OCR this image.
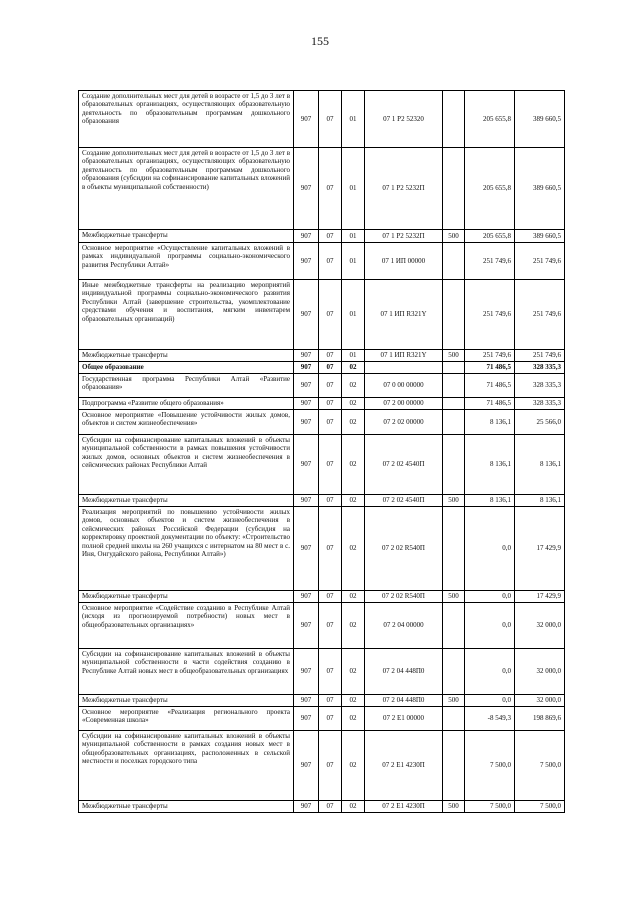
155
Создание дополнительных мест для детей в возрасте от 1,5 до 3 лет в образовательных организациях, осуществляющих образовательную деятельность по образовательным программам дошкольного образования	907	07	01	07 1 P2 52320		205 655,8	389 660,5
Создание дополнительных мест для детей в возрасте от 1,5 до 3 лет в образовательных организациях, осуществляющих образовательную деятельность по образовательным программам дошкольного образования (субсидии на софинансирование капитальных вложений в объекты муниципальной собственности)	907	07	01	07 1 P2 5232П		205 655,8	389 660,5
Межбюджетные трансферты	907	07	01	07 1 P2 5232П	500	205 655,8	389 660,5
Основное мероприятие «Осуществление капитальных вложений в рамках индивидуальной программы социально-экономического развития Республики Алтай»	907	07	01	07 1 ИП 00000		251 749,6	251 749,6
Иные межбюджетные трансферты на реализацию мероприятий индивидуальной программы социально-экономического развития Республики Алтай (завершение строительства, укомплектование средствами обучения и воспитания, мягким инвентарем образовательных организаций)	907	07	01	07 1 ИП R321Y		251 749,6	251 749,6
Межбюджетные трансферты	907	07	01	07 1 ИП R321Y	500	251 749,6	251 749,6
Общее образование	907	07	02			71 486,5	328 335,3
Государственная программа Республики Алтай «Развитие образования»	907	07	02	07 0 00 00000		71 486,5	328 335,3
Подпрограмма «Развитие общего образования»	907	07	02	07 2 00 00000		71 486,5	328 335,3
Основное мероприятие «Повышение устойчивости жилых домов, объектов и систем жизнеобеспечения»	907	07	02	07 2 02 00000		8 136,1	25 566,0
Субсидии на софинансирование капитальных вложений в объекты муниципальной собственности в рамках повышения устойчивости жилых домов, основных объектов и систем жизнеобеспечения в сейсмических районах Республики Алтай	907	07	02	07 2 02 4540П		8 136,1	8 136,1
Межбюджетные трансферты	907	07	02	07 2 02 4540П	500	8 136,1	8 136,1
Реализация мероприятий по повышению устойчивости жилых домов, основных объектов и систем жизнеобеспечения в сейсмических районах Российской Федерации (субсидия на корректировку проектной документации по объекту: «Строительство полной средней школы на 260 учащихся с интернатом на 80 мест в с. Иня, Онгудайского района, Республики Алтай»)	907	07	02	07 2 02 R540П		0,0	17 429,9
Межбюджетные трансферты	907	07	02	07 2 02 R540П	500	0,0	17 429,9
Основное мероприятие «Содействие созданию в Республике Алтай (исходя из прогнозируемой потребности) новых мест в общеобразовательных организациях»	907	07	02	07 2 04 00000		0,0	32 000,0
Субсидии на софинансирование капитальных вложений в объекты муниципальной собственности в части содействия созданию в Республике Алтай новых мест в общеобразовательных организациях	907	07	02	07 2 04 448П0		0,0	32 000,0
Межбюджетные трансферты	907	07	02	07 2 04 448П0	500	0,0	32 000,0
Основное мероприятие «Реализация регионального проекта «Современная школа»	907	07	02	07 2 E1 00000		-8 549,3	198 869,6
Субсидии на софинансирование капитальных вложений в объекты муниципальной собственности в рамках создания новых мест в общеобразовательных организациях, расположенных в сельской местности и поселках городского типа	907	07	02	07 2 E1 4230П		7 500,0	7 500,0
Межбюджетные трансферты	907	07	02	07 2 E1 4230П	500	7 500,0	7 500,0
